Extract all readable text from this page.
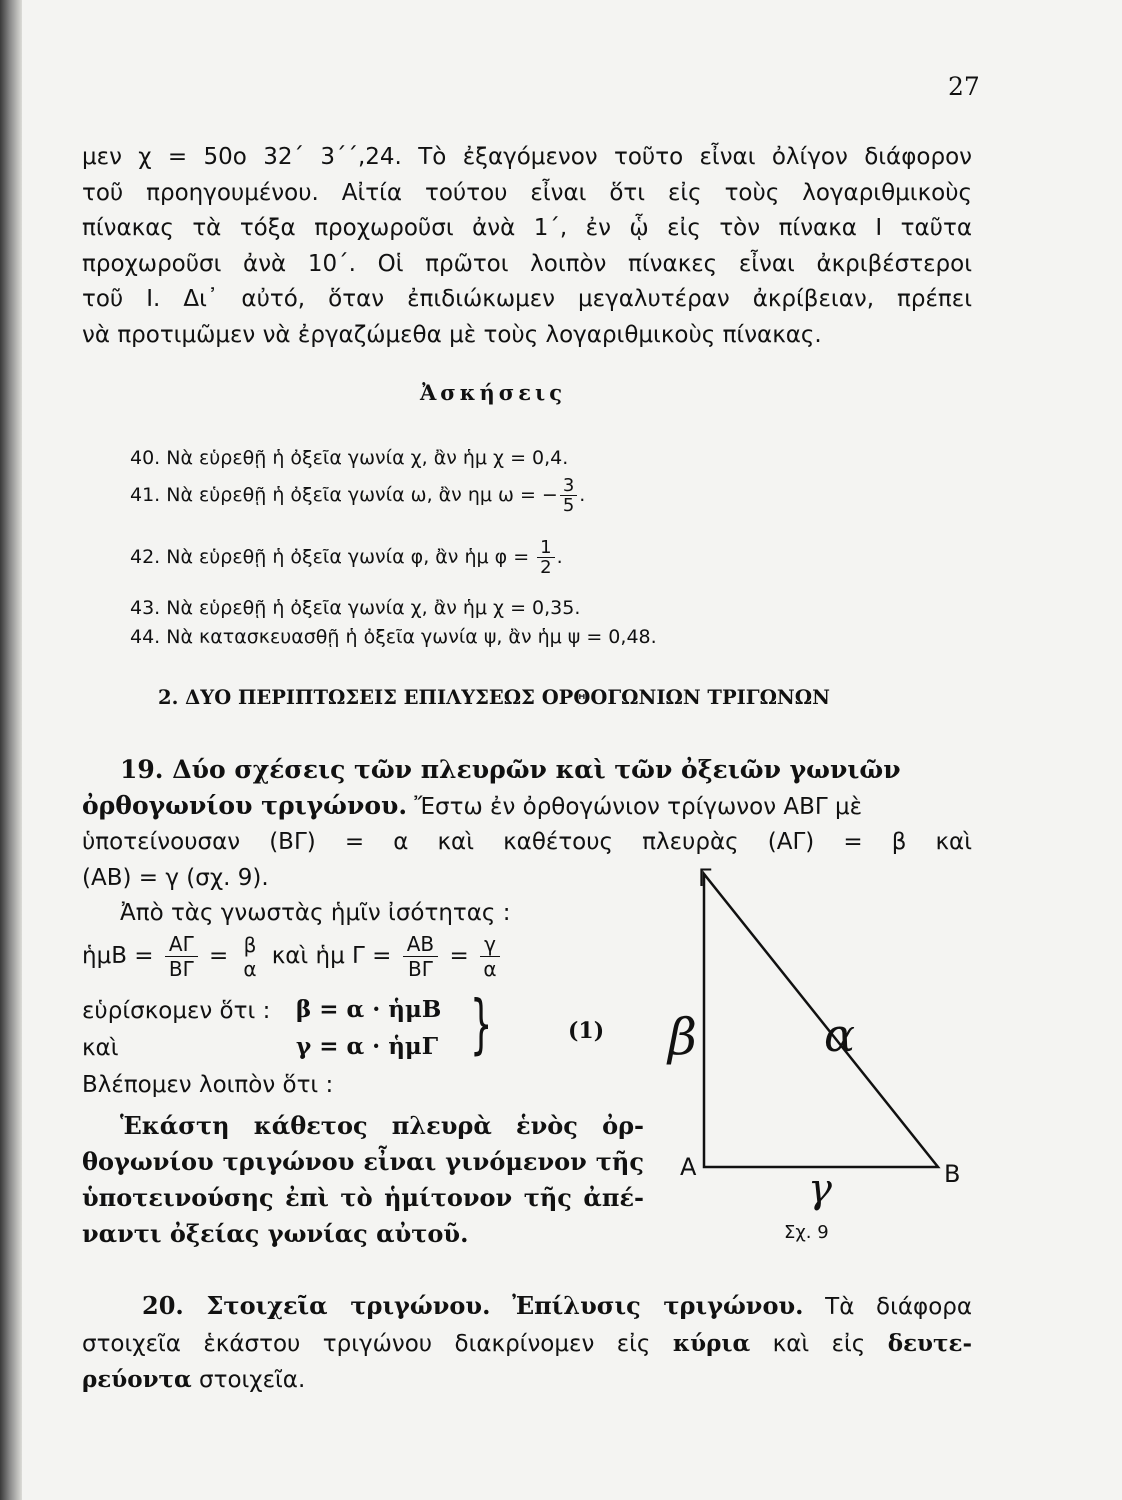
27
μεν χ = 50ο 32΄ 3΄΄,24. Τὸ ἐξαγόμενον τοῦτο εἶναι ὀλίγον διάφορον
τοῦ προηγουμένου. Αἰτία τούτου εἶναι ὅτι εἰς τοὺς λογαριθμικοὺς
πίνακας τὰ τόξα προχωροῦσι ἀνὰ 1΄, ἐν ᾧ εἰς τὸν πίνακα Ι ταῦτα
προχωροῦσι ἀνὰ 10΄. Οἱ πρῶτοι λοιπὸν πίνακες εἶναι ἀκριβέστεροι
τοῦ Ι. Δι᾽ αὐτό, ὅταν ἐπιδιώκωμεν μεγαλυτέραν ἀκρίβειαν, πρέπει
νὰ προτιμῶμεν νὰ ἐργαζώμεθα μὲ τοὺς λογαριθμικοὺς πίνακας.
Ἀσκήσεις
40. Νὰ εὑρεθῇ ἡ ὀξεῖα γωνία χ, ἂν ἡμ χ = 0,4.
41. Νὰ εὑρεθῇ ἡ ὀξεῖα γωνία ω, ἂν ημ ω = − $\frac{3}{5}$ .
42. Νὰ εὑρεθῇ ἡ ὀξεῖα γωνία φ, ἂν ἡμ $\varphi = \frac{1}{2}$ .
43. Νὰ εὑρεθῇ ἡ ὀξεῖα γωνία χ, ἂν ἡμ χ = 0,35.
44. Νὰ κατασκευασθῇ ἡ ὀξεῖα γωνία ψ, ἂν ἡμ ψ = 0,48.
2. ΔΥΟ ΠΕΡΙΠΤΩΣΕΙΣ ΕΠΙΛΥΣΕΩΣ ΟΡΘΟΓΩΝΙΩΝ ΤΡΙΓΩΝΩΝ
19. Δύο σχέσεις τῶν πλευρῶν καὶ τῶν ὀξειῶν γωνιῶν
ὀρθογωνίου τριγώνου. Ἔστω ἐν ὀρθογώνιον τρίγωνον ΑΒΓ μὲ
ὑποτείνουσαν (ΒΓ) = α καὶ καθέτους πλευρὰς (ΑΓ) = β καὶ
(ΑΒ) = γ (σχ. 9).
Ἀπὸ τὰς γνωστὰς ἡμῖν ἰσότητας :
ἡμΒ = $\frac{A\Gamma}{B\Gamma} = \beta$
α καὶ ἡμ $\Gamma = \frac{AB}{B\Gamma} = \frac{\gamma}{\alpha}$
εὑρίσκομεν ὅτι : β = α · ἡμΒ
καὶ	γ = α · ἡμΓ }	(1)
Βλέπομεν λοιπὸν ὅτι :
Ἑκάστη κάθετος πλευρὰ ἑνὸς ὀρ-
θογωνίου τριγώνου εἶναι γινόμενον τῆς
ὑποτεινούσης ἐπὶ τὸ ἡμίτονον τῆς ἀπέ-
ναντι ὀξείας γωνίας αὐτοῦ.
Γ
Α	Β
β	α
γ
Σχ. 9
20. Στοιχεῖα τριγώνου. Ἐπίλυσις τριγώνου. Τὰ διάφορα
στοιχεῖα ἑκάστου τριγώνου διακρίνομεν εἰς κύρια καὶ εἰς δευτε-
ρεύοντα στοιχεῖα.
